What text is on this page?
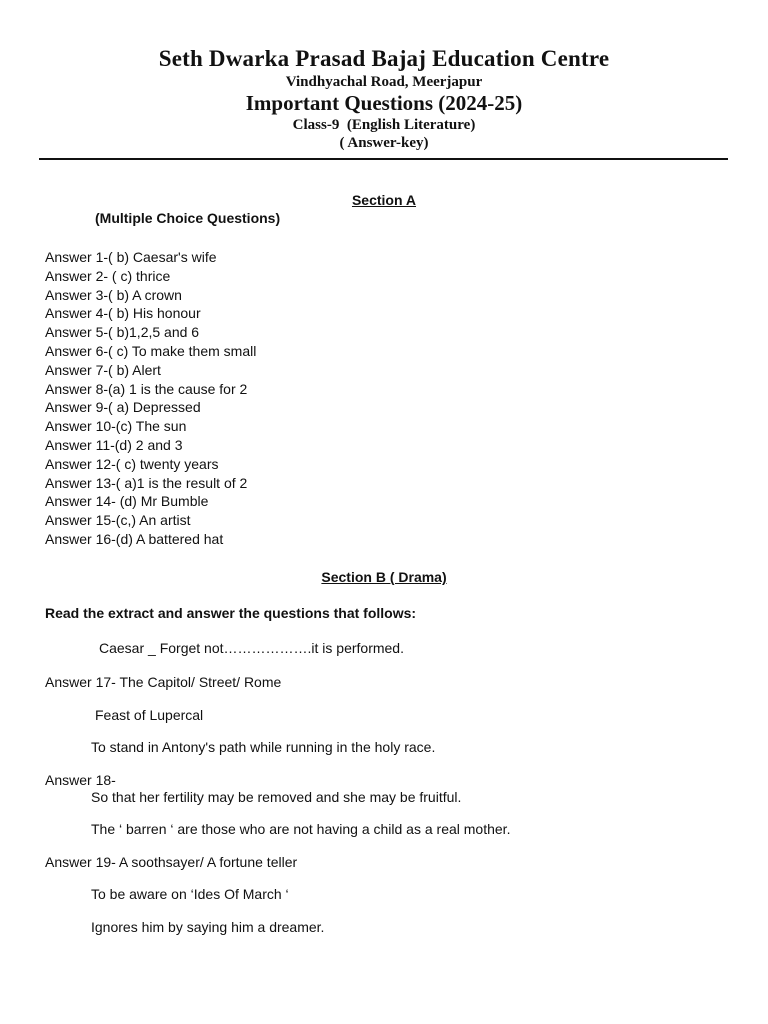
Seth Dwarka Prasad Bajaj Education Centre
Vindhyachal Road, Meerjapur
Important Questions (2024-25)
Class-9  (English Literature)
( Answer-key)
Section A
(Multiple Choice Questions)
Answer 1-( b) Caesar's wife
Answer 2- ( c) thrice
Answer 3-( b) A crown
Answer 4-( b) His honour
Answer 5-( b)1,2,5 and 6
Answer 6-( c) To make them small
Answer 7-( b) Alert
Answer 8-(a) 1 is the cause for 2
Answer 9-( a) Depressed
Answer 10-(c) The sun
Answer 11-(d) 2 and 3
Answer 12-( c) twenty years
Answer 13-( a)1 is the result of 2
Answer 14- (d) Mr Bumble
Answer 15-(c,) An artist
Answer 16-(d) A battered hat
Section B ( Drama)
Read the extract and answer the questions that follows:
Caesar _ Forget not……………….it is performed.
Answer 17- The Capitol/ Street/ Rome
Feast of Lupercal
To stand in Antony's path while running in the holy race.
Answer 18-
So that her fertility may be removed and she may be fruitful.
The ‘ barren ‘ are those who are not having a child as a real mother.
Answer 19- A soothsayer/ A fortune teller
To be aware on ‘Ides Of March ‘
Ignores him by saying him a dreamer.
